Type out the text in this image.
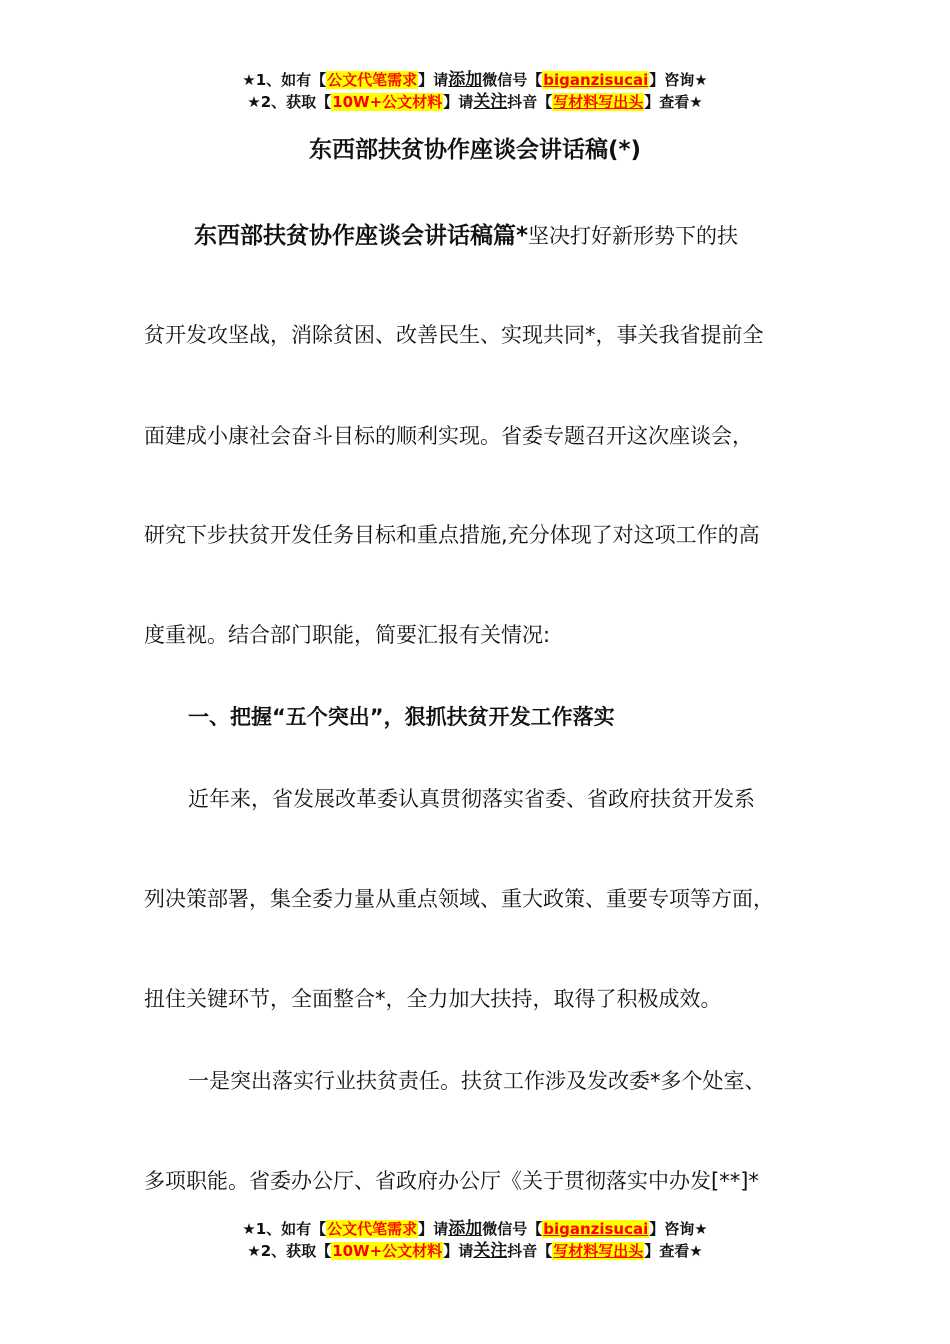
★1、如有【公文代笔需求】请添加微信号【biganzisucai】咨询★
★2、获取【10W+公文材料】请关注抖音【写材料写出头】查看★
东西部扶贫协作座谈会讲话稿(*)
东西部扶贫协作座谈会讲话稿篇*坚决打好新形势下的扶
贫开发攻坚战，消除贫困、改善民生、实现共同*，事关我省提前全
面建成小康社会奋斗目标的顺利实现。省委专题召开这次座谈会，
研究下步扶贫开发任务目标和重点措施,充分体现了对这项工作的高
度重视。结合部门职能，简要汇报有关情况:
一、把握“五个突出”，狠抓扶贫开发工作落实
近年来，省发展改革委认真贯彻落实省委、省政府扶贫开发系
列决策部署，集全委力量从重点领域、重大政策、重要专项等方面，
扭住关键环节，全面整合*，全力加大扶持，取得了积极成效。
一是突出落实行业扶贫责任。扶贫工作涉及发改委*多个处室、
多项职能。省委办公厅、省政府办公厅《关于贯彻落实中办发[**]*
★1、如有【公文代笔需求】请添加微信号【biganzisucai】咨询★
★2、获取【10W+公文材料】请关注抖音【写材料写出头】查看★
